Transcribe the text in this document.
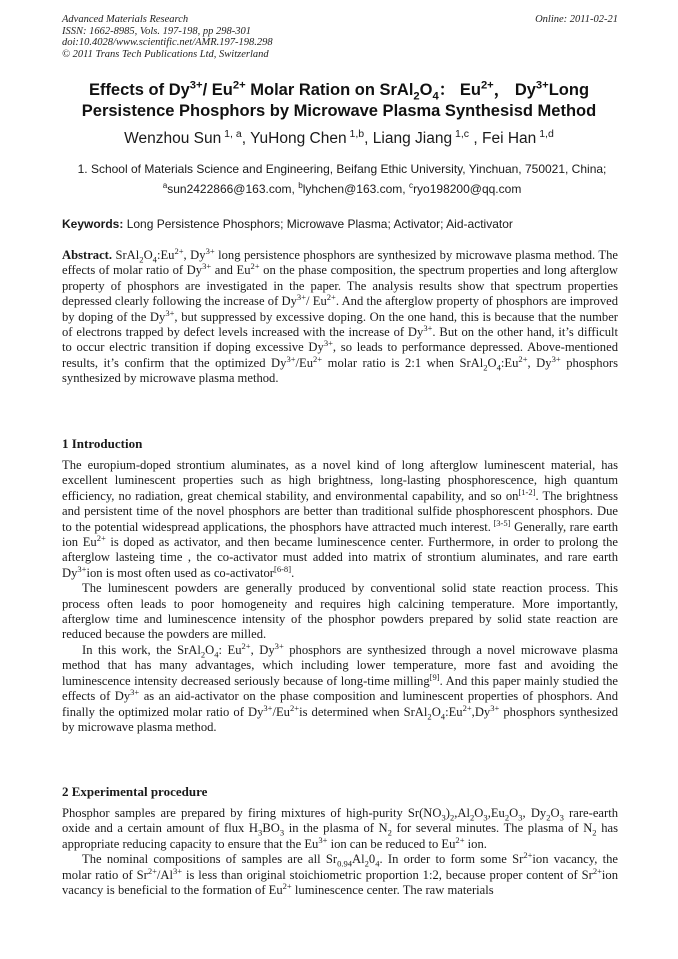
Advanced Materials Research
ISSN: 1662-8985, Vols. 197-198, pp 298-301
doi:10.4028/www.scientific.net/AMR.197-198.298
© 2011 Trans Tech Publications Ltd, Switzerland
Online: 2011-02-21
Effects of $Dy^{3+}/$ $Eu^{2+}$ Molar Ration on $SrAl_2O_4$： $Eu^{2+}$， $Dy^{3+}Long$
Persistence Phosphors by Microwave Plasma Synthesisd Method
Wenzhou Sun $^{1, a}$, YuHong Chen $^{1,b}$, Liang Jiang $^{1,c}$ , Fei Han $^{1,d}$
1. School of Materials Science and Engineering, Beifang Ethic University, Yinchuan, 750021, China;
$^a$sun2422866@163.com, $^b$lyhchen@163.com, $^c$ryo198200@qq.com
Keywords: Long Persistence Phosphors; Microwave Plasma; Activator; Aid-activator
Abstract. $SrAl_2O_4:Eu^{2+}$, $Dy^{3+}$ long persistence phosphors are synthesized by microwave plasma method. The effects of molar ratio of $Dy^{3+}$ and $Eu^{2+}$ on the phase composition, the spectrum properties and long afterglow property of phosphors are investigated in the paper. The analysis results show that spectrum properties depressed clearly following the increase of $Dy^{3+}/$ $Eu^{2+}$. And the afterglow property of phosphors are improved by doping of the $Dy^{3+}$, but suppressed by excessive doping. On the one hand, this is because that the number of electrons trapped by defect levels increased with the increase of $Dy^{3+}$. But on the other hand, it’s difficult to occur electric transition if doping excessive $Dy^{3+}$, so leads to performance depressed. Above-mentioned results, it’s confirm that the optimized $Dy^{3+}/Eu^{2+}$ molar ratio is 2:1 when $SrAl_2O_4:Eu^{2+}$, $Dy^{3+}$ phosphors synthesized by microwave plasma method.
1 Introduction

The europium-doped strontium aluminates, as a novel kind of long afterglow luminescent material, has excellent luminescent properties such as high brightness, long-lasting phosphorescence, high quantum efficiency, no radiation, great chemical stability, and environmental capability, and so on[1-2]. The brightness and persistent time of the novel phosphors are better than traditional sulfide phosphorescent phosphors. Due to the potential widespread applications, the phosphors have attracted much interest. [3-5] Generally, rare earth ion $Eu^{2+}$ is doped as activator, and then became luminescence center. Furthermore, in order to prolong the afterglow lasteing time , the co-activator must added into matrix of strontium aluminates, and rare earth $Dy^{3+}ion$ is most often used as co-activator[6-8].

The luminescent powders are generally produced by conventional solid state reaction process. This process often leads to poor homogeneity and requires high calcining temperature. More importantly, afterglow time and luminescence intensity of the phosphor powders prepared by solid state reaction are reduced because the powders are milled.

In this work, the $SrAl_2O_4$: $Eu^{2+}$, $Dy^{3+}$ phosphors are synthesized through a novel microwave plasma method that has many advantages, which including lower temperature, more fast and avoiding the luminescence intensity decreased seriously because of long-time milling[9]. And this paper mainly studied the effects of $Dy^{3+}$ as an aid-activator on the phase composition and luminescent properties of phosphors. And finally the optimized molar ratio of $Dy^{3+}/Eu^{2+}is$ determined when $SrAl_2O_4:Eu^{2+},Dy^{3+}$ phosphors synthesized by microwave plasma method.

2 Experimental procedure

Phosphor samples are prepared by firing mixtures of high-purity $Sr(NO_3)_2,Al_2O_3,Eu_2O_3$, $Dy_2O_3$ rare-earth oxide and a certain amount of flux $H_3BO_3$ in the plasma of $N_2$ for several minutes. The plasma of $N_2$ has appropriate reducing capacity to ensure that the $Eu^{3+}$ ion can be reduced to $Eu^{2+}$ ion.

The nominal compositions of samples are all $Sr_{0.94}Al_20_4$. In order to form some $Sr^{2+}ion$ vacancy, the molar ratio of $Sr^{2+}/Al^{3+}$ is less than original stoichiometric proportion 1:2, because proper content of $Sr^{2+}ion$ vacancy is beneficial to the formation of $Eu^{2+}$ luminescence center. The raw materials
